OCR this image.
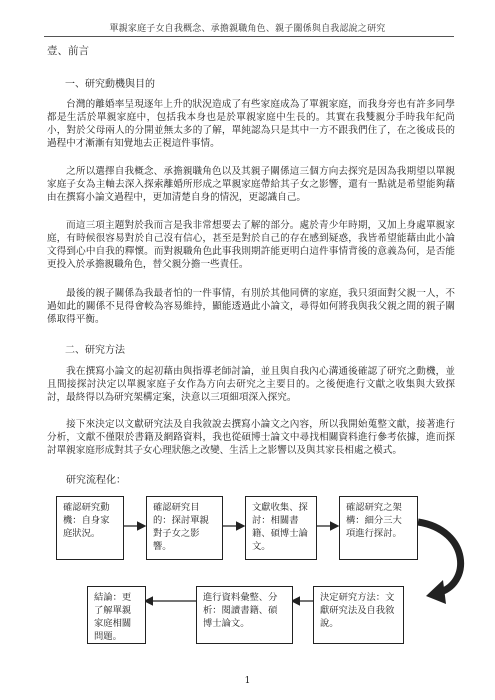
單親家庭子女自我概念、承擔親職角色、親子關係與自我認說之研究
壹、前言
一、研究動機與目的
台灣的離婚率呈現逐年上升的狀況造成了有些家庭成為了單親家庭，而我身旁也有許多同學都是生活於單親家庭中，包括我本身也是於單親家庭中生長的。其實在我雙親分手時我年紀尚小，對於父母兩人的分開並無太多的了解，單純認為只是其中一方不跟我們住了，在之後成長的過程中才漸漸有知覺地去正視這件事情。
之所以選擇自我概念、承擔親職角色以及其親子關係這三個方向去探究是因為我期望以單親家庭子女為主軸去深入探索離婚所形成之單親家庭帶給其子女之影響，還有一點就是希望能夠藉由在撰寫小論文過程中，更加清楚自身的情況，更認識自己。
而這三項主題對於我而言是我非常想要去了解的部分。處於青少年時期，又加上身處單親家庭，有時候很容易對於自己沒有信心，甚至是對於自己的存在感到疑惑，我皆希望能藉由此小論文得到心中自我的釋懷。而對親職角色此事我則期許能更明白這件事情背後的意義為何，是否能更投入於承擔親職角色，替父親分擔一些責任。
最後的親子關係為我最者怕的一件事情，有別於其他同儕的家庭，我只須面對父親一人，不過如此的關係不見得會較為容易維持，顯能透過此小論文，尋得如何將我與我父親之間的親子關係取得平衡。
二、研究方法
我在撰寫小論文的起初藉由與指導老師討論，並且與自我內心溝通後確認了研究之動機，並且間接探討決定以單親家庭子女作為方向去研究之主要目的。之後便進行文獻之收集與大致探討，最終得以為研究架構定案，決意以三項細項深入探究。
接下來決定以文獻研究法及自我敘說去撰寫小論文之內容，所以我開始蒐整文獻，接著進行分析，文獻不僅限於書籍及網路資料，我也從碩博士論文中尋找相關資料進行參考依據，進而探討單親家庭形成對其子女心理狀態之改變、生活上之影響以及與其家長相處之模式。
研究流程化：
確認研究動機：自身家庭狀況。
確認研究目的：探討單親對子女之影響。
文獻收集、探討：相關書籍、碩博士論文。
確認研究之架構：細分三大項進行探討。
決定研究方法：文獻研究法及自我敘說。
進行資料彙整、分析：閱讀書籍、碩博士論文。
結論：更了解單親家庭相關問題。
1
